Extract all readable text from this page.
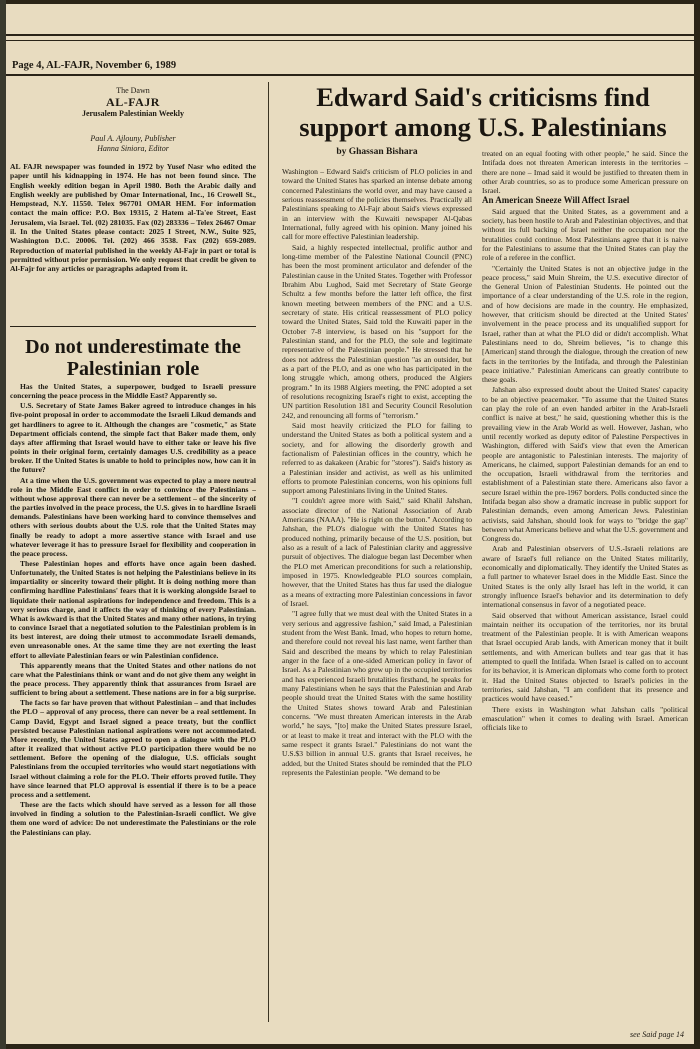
Page 4, AL-FAJR, November 6, 1989
The Dawn
AL-FAJR
Jerusalem Palestinian Weekly
Paul A. Ajlouny, Publisher
Hanna Siniora, Editor

AL FAJR newspaper was founded in 1972 by Yusef Nasr who edited the paper until his kidnapping in 1974. He has not been found since. The English weekly edition began in April 1980. Both the Arabic daily and English weekly are published by Omar International, Inc., 16 Crowell St., Hempstead, N.Y. 11550. Telex 967701 OMAR HEM. For information contact the main office: P.O. Box 19315, 2 Hatem al-Ta'ee Street, East Jerusalem, via Israel. Tel. (02) 281035. Fax (02) 283336 – Telex 26467 Omar il. In the United States please contact: 2025 I Street, N.W., Suite 925, Washington D.C. 20006. Tel. (202) 466 3538. Fax (202) 659-2089. Reproduction of material published in the weekly Al-Fajr in part or total is permitted without prior permission. We only request that credit be given to Al-Fajr for any articles or paragraphs adapted from it.

Do not underestimate the Palestinian role

Has the United States, a superpower, budged to Israeli pressure concerning the peace process in the Middle East? Apparently so.

U.S. Secretary of State James Baker agreed to introduce changes in his five-point proposal in order to accommodate the Israeli Likud demands and get hardliners to agree to it. Although the changes are "cosmetic," as State Department officials contend, the simple fact that Baker made them, only days after affirming that Israel would have to either take or leave his five points in their original form, certainly damages U.S. credibility as a peace broker. If the United States is unable to hold to principles now, how can it in the future?

At a time when the U.S. government was expected to play a more neutral role in the Middle East conflict in order to convince the Palestinians – without whose approval there can never be a settlement – of the sincerity of the parties involved in the peace process, the U.S. gives in to hardline Israeli demands. Palestinians have been working hard to convince themselves and others with serious doubts about the U.S. role that the United States may finally be ready to adopt a more assertive stance with Israel and use whatever leverage it has to pressure Israel for flexibility and cooperation in the peace process.

These Palestinian hopes and efforts have once again been dashed. Unfortunately, the United States is not helping the Palestinians believe in its impartiality or sincerity toward their plight. It is doing nothing more than confirming hardline Palestinians' fears that it is working alongside Israel to liquidate their national aspirations for independence and freedom. This is a very serious charge, and it affects the way of thinking of every Palestinian. What is awkward is that the United States and many other nations, in trying to convince Israel that a negotiated solution to the Palestinian problem is in its best interest, are doing their utmost to accommodate Israeli demands, even unreasonable ones. At the same time they are not exerting the least effort to alleviate Palestinian fears or win Palestinian confidence.

This apparently means that the United States and other nations do not care what the Palestinians think or want and do not give them any weight in the peace process. They apparently think that assurances from Israel are sufficient to bring about a settlement. These nations are in for a big surprise.

The facts so far have proven that without Palestinian – and that includes the PLO – approval of any process, there can never be a real settlement. In Camp David, Egypt and Israel signed a peace treaty, but the conflict persisted because Palestinian national aspirations were not accommodated. More recently, the United States agreed to open a dialogue with the PLO after it realized that without active PLO participation there would be no settlement. Before the opening of the dialogue, U.S. officials sought Palestinians from the occupied territories who would start negotiations with Israel without claiming a role for the PLO. Their efforts proved futile. They have since learned that PLO approval is essential if there is to be a peace process and a settlement.

These are the facts which should have served as a lesson for all those involved in finding a solution to the Palestinian-Israeli conflict. We give them one word of advice: Do not underestimate the Palestinians or the role the Palestinians can play.

Edward Said's criticisms find support among U.S. Palestinians
by Ghassan Bishara

Washington – Edward Said's criticism of PLO policies in and toward the United States has sparked an intense debate among concerned Palestinians the world over, and may have caused a serious reassessment of the policies themselves. Practically all Palestinians speaking to Al-Fajr about Said's views expressed in an interview with the Kuwaiti newspaper Al-Qabas International, fully agreed with his opinion. Many joined his call for more effective Palestinian leadership.

Said, a highly respected intellectual, prolific author and long-time member of the Palestine National Council (PNC) has been the most prominent articulator and defender of the Palestinian cause in the United States. Together with Professor Ibrahim Abu Lughod, Said met Secretary of State George Schultz a few months before the latter left office, the first known meeting between members of the PNC and a U.S. secretary of state. His critical reassessment of PLO policy toward the United States, Said told the Kuwaiti paper in the October 7-8 interview, is based on his "support for the Palestinian stand, and for the PLO, the sole and legitimate representative of the Palestinian people." He stressed that he does not address the Palestinian question "as an outsider, but as a part of the PLO, and as one who has participated in the long struggle which, among others, produced the Algiers program." In its 1988 Algiers meeting, the PNC adopted a set of resolutions recognizing Israel's right to exist, accepting the UN partition Resolution 181 and Security Council Resolution 242, and renouncing all forms of "terrorism."

Said most heavily criticized the PLO for failing to understand the United States as both a political system and a society, and for allowing the disorderly growth and factionalism of Palestinian offices in the country, which he referred to as dakakeen (Arabic for "stores"). Said's history as a Palestinian insider and activist, as well as his unlimited efforts to promote Palestinian concerns, won his opinions full support among Palestinians living in the United States.

"I couldn't agree more with Said," said Khalil Jahshan, associate director of the National Association of Arab Americans (NAAA). "He is right on the button." According to Jahshan, the PLO's dialogue with the United States has produced nothing, primarily because of the U.S. position, but also as a result of a lack of Palestinian clarity and aggressive pursuit of objectives. The dialogue began last December when the PLO met American preconditions for such a relationship, imposed in 1975. Knowledgeable PLO sources complain, however, that the United States has thus far used the dialogue as a means of extracting more Palestinian concessions in favor of Israel.

"I agree fully that we must deal with the United States in a very serious and aggressive fashion," said Imad, a Palestinian student from the West Bank. Imad, who hopes to return home, and therefore could not reveal his last name, went farther than Said and described the means by which to relay Palestinian anger in the face of a one-sided American policy in favor of Israel. As a Palestinian who grew up in the occupied territories and has experienced Israeli brutalities firsthand, he speaks for many Palestinians when he says that the Palestinian and Arab people should treat the United States with the same hostility the United States shows toward Arab and Palestinian concerns. "We must threaten American interests in the Arab world," he says, "[to] make the United States pressure Israel, or at least to make it treat and interact with the PLO with the same respect it grants Israel." Palestinians do not want the U.S.$3 billion in annual U.S. grants that Israel receives, he added, but the United States should be reminded that the PLO represents the Palestinian people. "We demand to be

treated on an equal footing with other people," he said. Since the Intifada does not threaten American interests in the territories – there are none – Imad said it would be justified to threaten them in other Arab countries, so as to produce some American pressure on Israel.

An American Sneeze Will Affect Israel

Said argued that the United States, as a government and a society, has been hostile to Arab and Palestinian objectives, and that without its full backing of Israel neither the occupation nor the brutalities could continue. Most Palestinians agree that it is naive for the Palestinians to assume that the United States can play the role of a referee in the conflict.

"Certainly the United States is not an objective judge in the peace process," said Muin Shreim, the U.S. executive director of the General Union of Palestinian Students. He pointed out the importance of a clear understanding of the U.S. role in the region, and of how decisions are made in the country. He emphasized, however, that criticism should be directed at the United States' involvement in the peace process and its unqualified support for Israel, rather than at what the PLO did or didn't accomplish. What Palestinians need to do, Shreim believes, "is to change this [American] stand through the dialogue, through the creation of new facts in the territories by the Intifada, and through the Palestinian peace initiative." Palestinian Americans can greatly contribute to these goals.

Jahshan also expressed doubt about the United States' capacity to be an objective peacemaker. "To assume that the United States can play the role of an even handed arbiter in the Arab-Israeli conflict is naive at best," he said, questioning whether this is the prevailing view in the Arab World as well. However, Jashan, who until recently worked as deputy editor of Palestine Perspectives in Washington, differed with Said's view that even the American people are antagonistic to Palestinian interests. The majority of Americans, he claimed, support Palestinian demands for an end to the occupation, Israeli withdrawal from the territories and establishment of a Palestinian state there. Americans also favor a secure Israel within the pre-1967 borders. Polls conducted since the Intifada began also show a dramatic increase in public support for Palestinian demands, even among American Jews. Palestinian activists, said Jahshan, should look for ways to "bridge the gap" between what Americans believe and what the U.S. government and Congress do.

Arab and Palestinian observers of U.S.-Israeli relations are aware of Israel's full reliance on the United States militarily, economically and diplomatically. They identify the United States as a full partner to whatever Israel does in the Middle East. Since the United States is the only ally Israel has left in the world, it can strongly influence Israel's behavior and its determination to defy international consensus in favor of a negotiated peace.

Said observed that without American assistance, Israel could maintain neither its occupation of the territories, nor its brutal treatment of the Palestinian people. It is with American weapons that Israel occupied Arab lands, with American money that it built settlements, and with American bullets and tear gas that it has attempted to quell the Intifada. When Israel is called on to account for its behavior, it is American diplomats who come forth to protect it. Had the United States objected to Israel's policies in the territories, said Jahshan, "I am confident that its presence and practices would have ceased."

There exists in Washington what Jahshan calls "political emasculation" when it comes to dealing with Israel. American officials like to

see Said page 14
